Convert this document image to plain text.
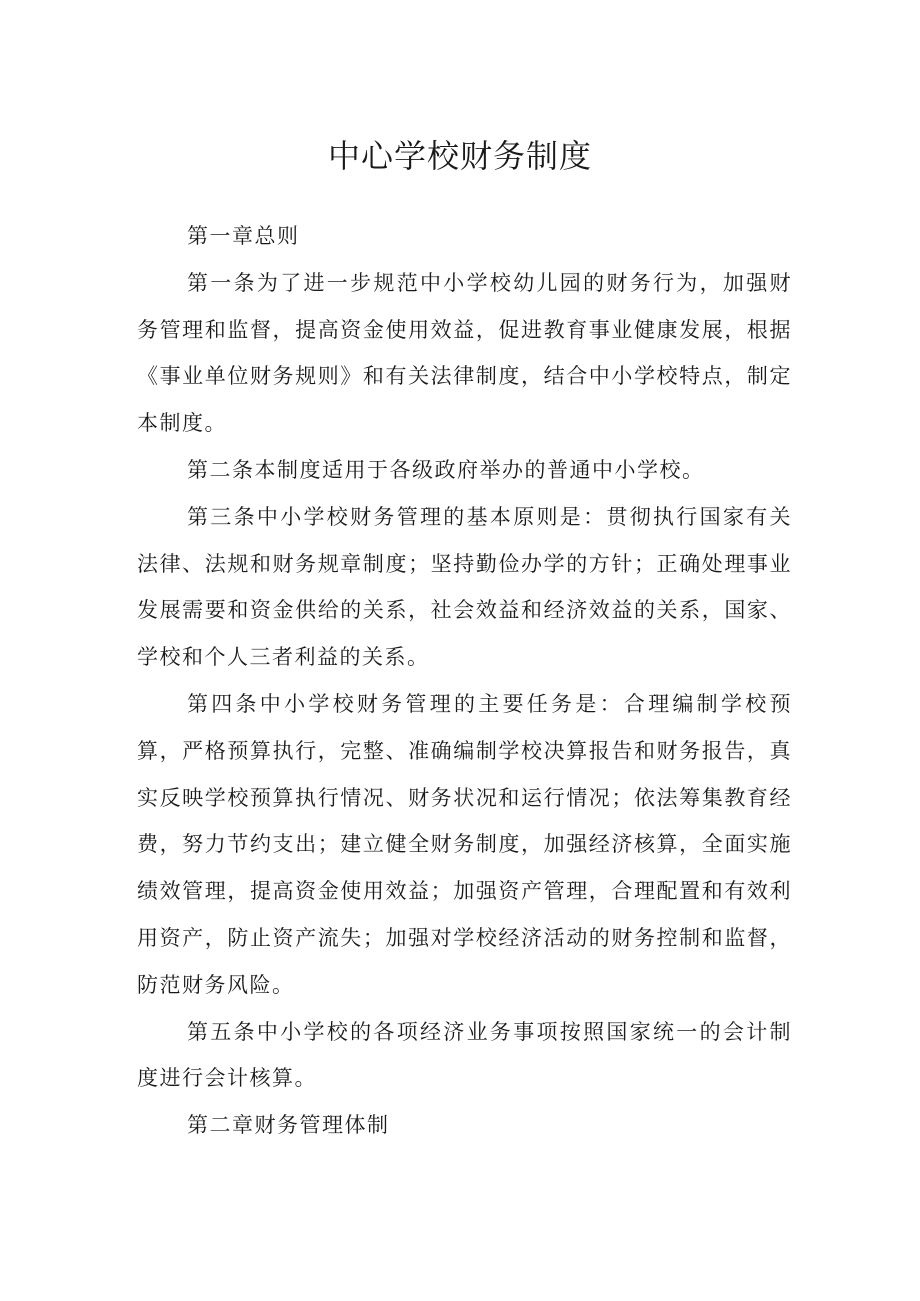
中心学校财务制度

第一章总则

第一条为了进一步规范中小学校幼儿园的财务行为，加强财务管理和监督，提高资金使用效益，促进教育事业健康发展，根据《事业单位财务规则》和有关法律制度，结合中小学校特点，制定本制度。

第二条本制度适用于各级政府举办的普通中小学校。

第三条中小学校财务管理的基本原则是：贯彻执行国家有关法律、法规和财务规章制度；坚持勤俭办学的方针；正确处理事业发展需要和资金供给的关系，社会效益和经济效益的关系，国家、学校和个人三者利益的关系。

第四条中小学校财务管理的主要任务是：合理编制学校预算，严格预算执行，完整、准确编制学校决算报告和财务报告，真实反映学校预算执行情况、财务状况和运行情况；依法筹集教育经费，努力节约支出；建立健全财务制度，加强经济核算，全面实施绩效管理，提高资金使用效益；加强资产管理，合理配置和有效利用资产，防止资产流失；加强对学校经济活动的财务控制和监督，防范财务风险。

第五条中小学校的各项经济业务事项按照国家统一的会计制度进行会计核算。

第二章财务管理体制
